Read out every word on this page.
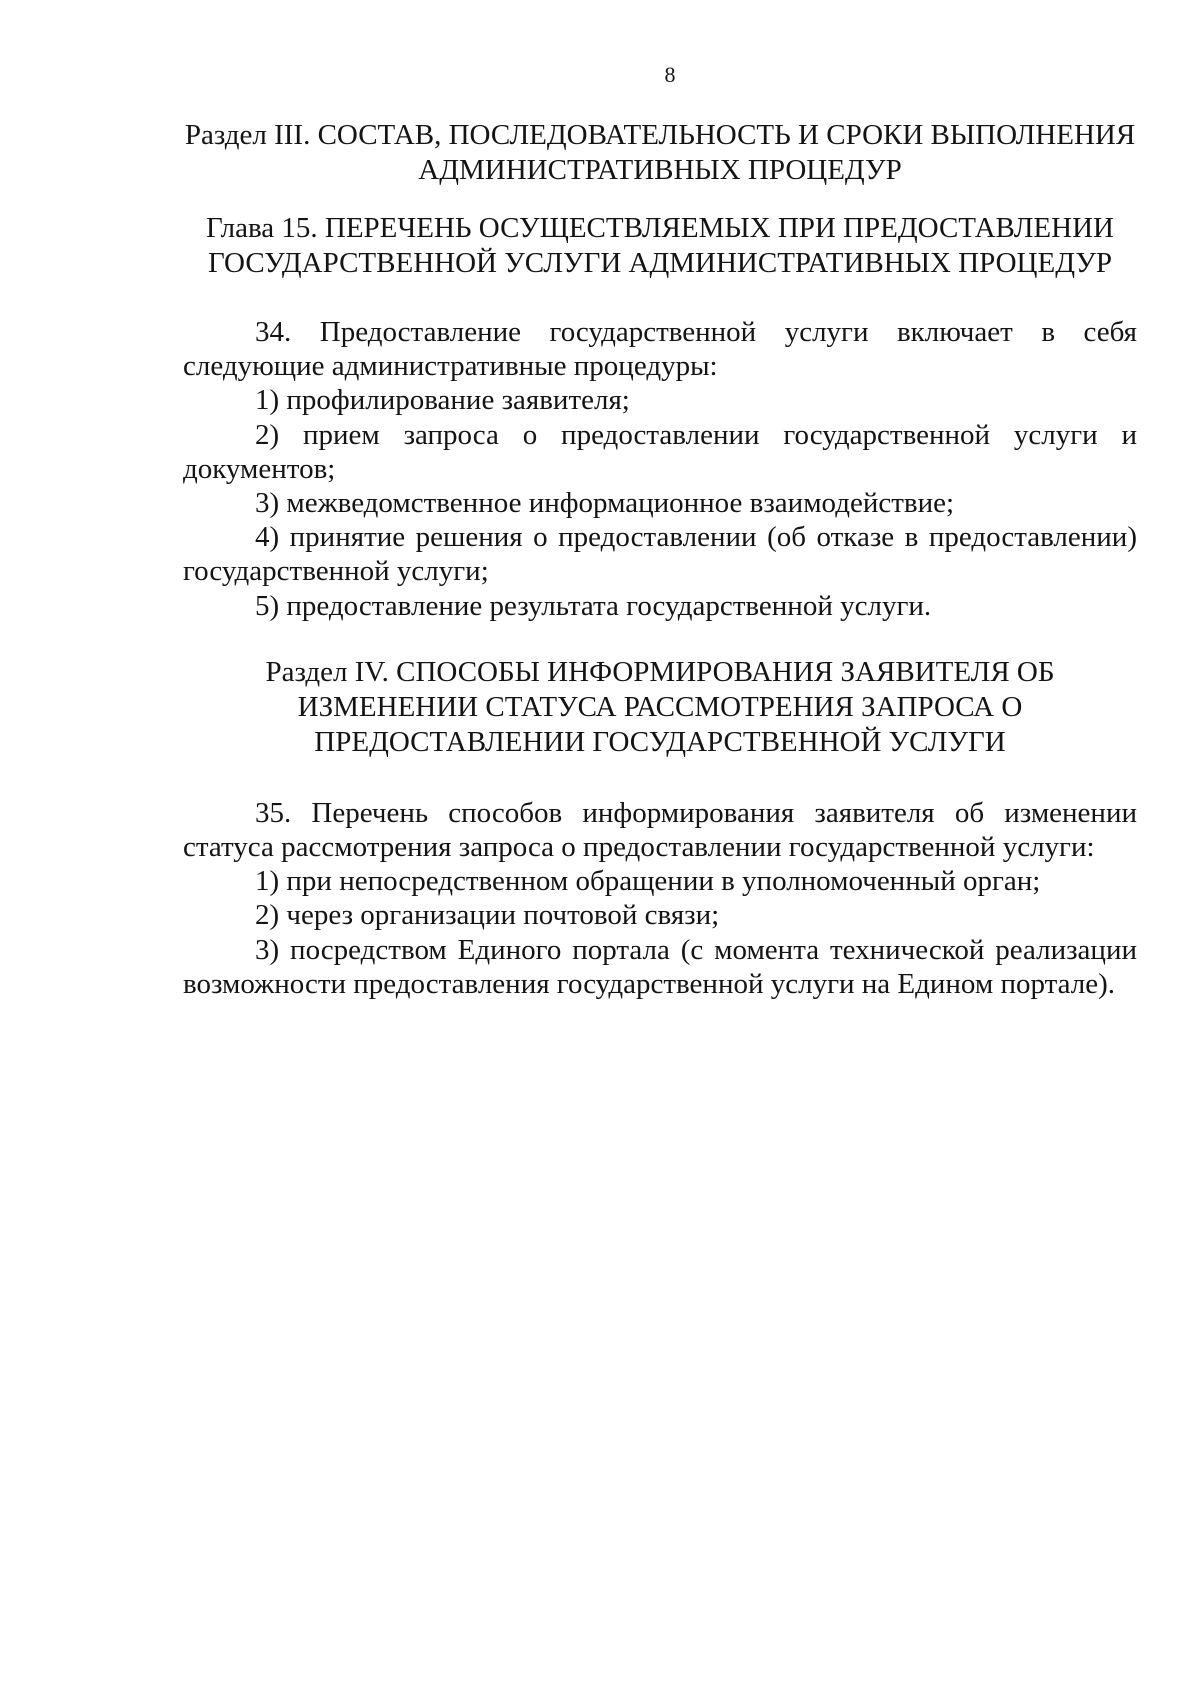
8
Раздел III. СОСТАВ, ПОСЛЕДОВАТЕЛЬНОСТЬ И СРОКИ ВЫПОЛНЕНИЯ
АДМИНИСТРАТИВНЫХ ПРОЦЕДУР
Глава 15. ПЕРЕЧЕНЬ ОСУЩЕСТВЛЯЕМЫХ ПРИ ПРЕДОСТАВЛЕНИИ
ГОСУДАРСТВЕННОЙ УСЛУГИ АДМИНИСТРАТИВНЫХ ПРОЦЕДУР

34. Предоставление государственной услуги включает в себя следующие административные процедуры:

1) профилирование заявителя;

2) прием запроса о предоставлении государственной услуги и документов;

3) межведомственное информационное взаимодействие;

4) принятие решения о предоставлении (об отказе в предоставлении) государственной услуги;

5) предоставление результата государственной услуги.

Раздел IV. СПОСОБЫ ИНФОРМИРОВАНИЯ ЗАЯВИТЕЛЯ ОБ
ИЗМЕНЕНИИ СТАТУСА РАССМОТРЕНИЯ ЗАПРОСА О
ПРЕДОСТАВЛЕНИИ ГОСУДАРСТВЕННОЙ УСЛУГИ

35. Перечень способов информирования заявителя об изменении статуса рассмотрения запроса о предоставлении государственной услуги:

1) при непосредственном обращении в уполномоченный орган;

2) через организации почтовой связи;

3) посредством Единого портала (с момента технической реализации возможности предоставления государственной услуги на Едином портале).
